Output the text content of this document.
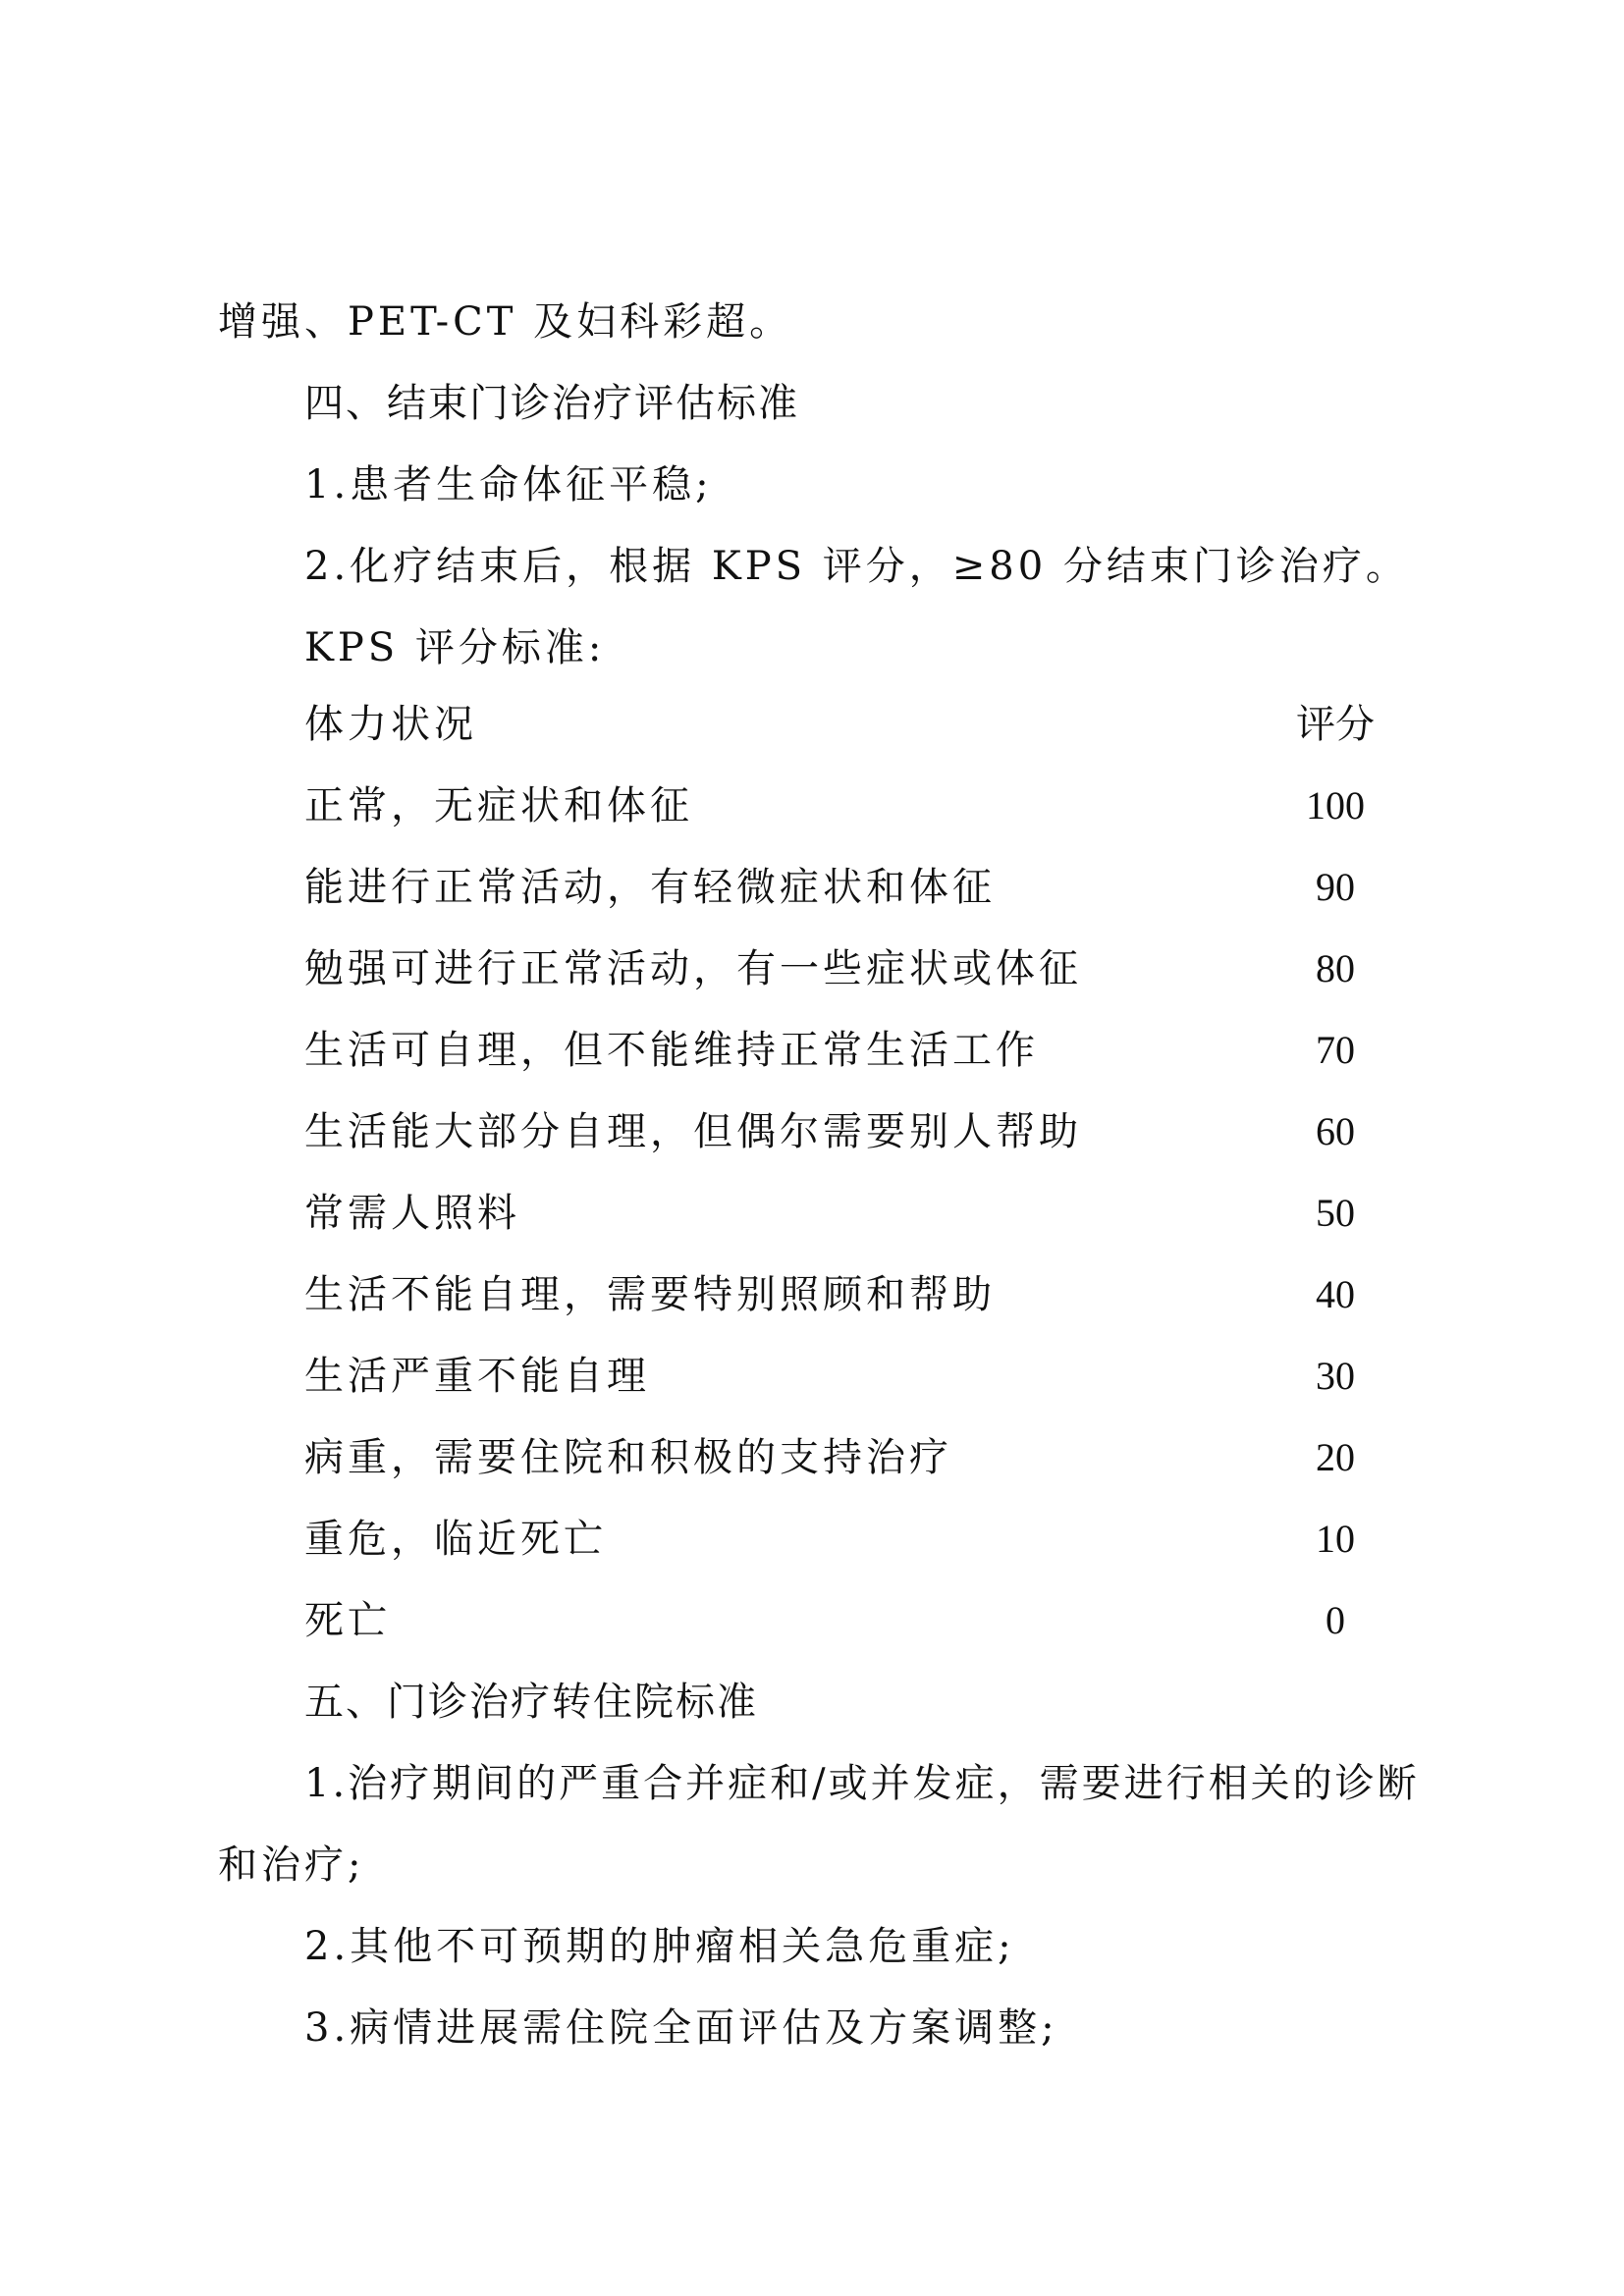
增强、PET-CT 及妇科彩超。
四、结束门诊治疗评估标准
1.患者生命体征平稳;
2.化疗结束后，根据 KPS 评分，≥80 分结束门诊治疗。
KPS 评分标准:
体力状况	评分
正常，无症状和体征	100
能进行正常活动，有轻微症状和体征	90
勉强可进行正常活动，有一些症状或体征	80
生活可自理，但不能维持正常生活工作	70
生活能大部分自理，但偶尔需要别人帮助	60
常需人照料	50
生活不能自理，需要特别照顾和帮助	40
生活严重不能自理	30
病重，需要住院和积极的支持治疗	20
重危，临近死亡	10
死亡	0
五、门诊治疗转住院标准
1.治疗期间的严重合并症和/或并发症，需要进行相关的诊断
和治疗;
2.其他不可预期的肿瘤相关急危重症;
3.病情进展需住院全面评估及方案调整;
